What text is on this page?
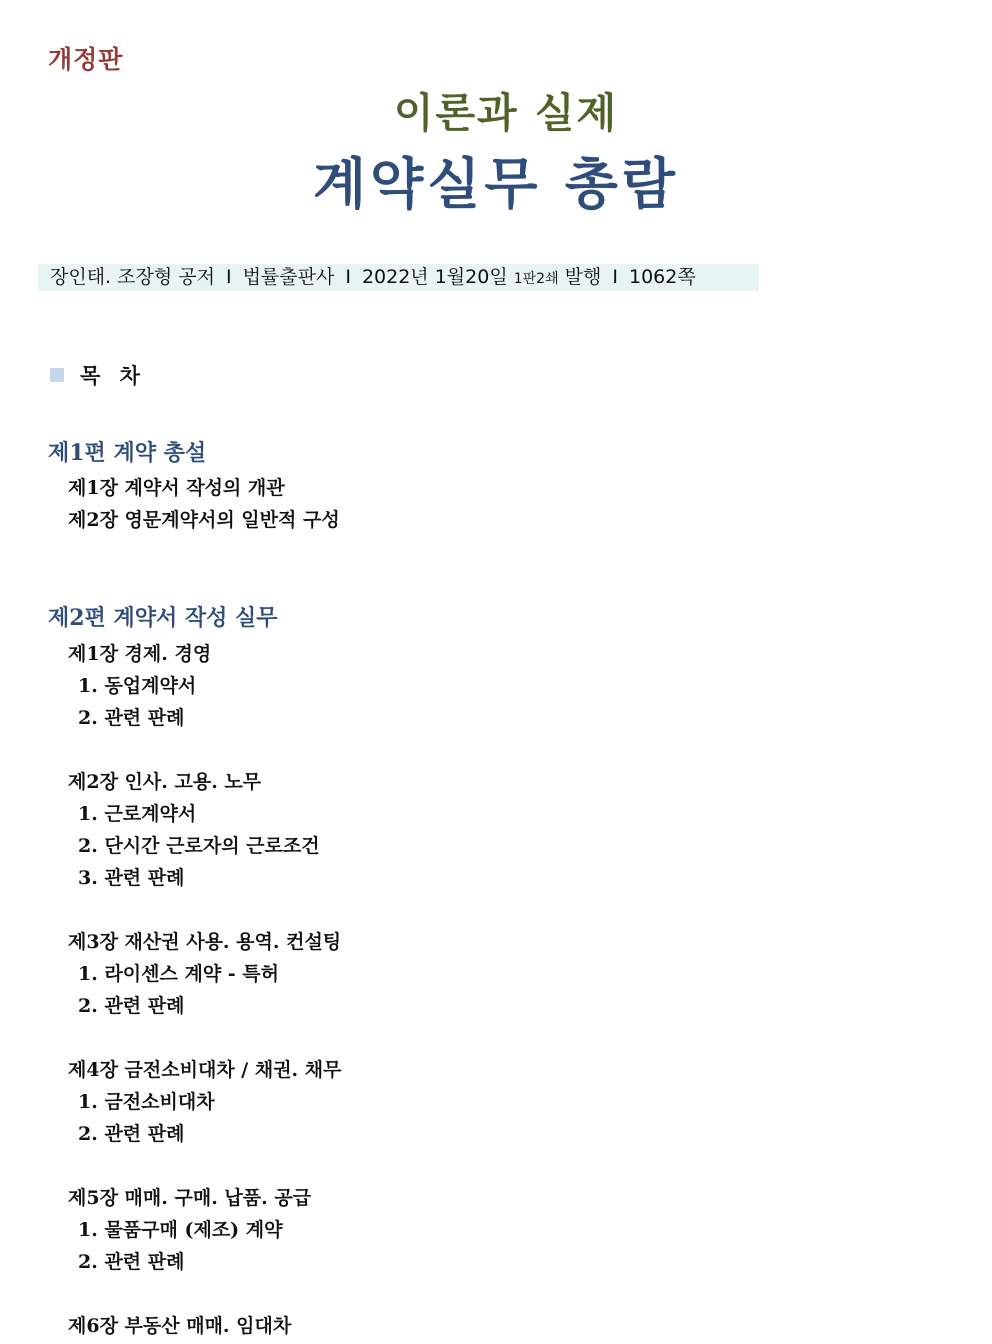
개정판
이론과 실제
계약실무 총람
장인태. 조장형 공저 I 법률출판사 I 2022년 1월20일 1판2쇄 발행 I 1062쪽
목 차
제1편 계약 총설
제1장 계약서 작성의 개관
제2장 영문계약서의 일반적 구성
제2편 계약서 작성 실무
제1장 경제. 경영
1. 동업계약서
2. 관련 판례
제2장 인사. 고용. 노무
1. 근로계약서
2. 단시간 근로자의 근로조건
3. 관련 판례
제3장 재산권 사용. 용역. 컨설팅
1. 라이센스 계약 - 특허
2. 관련 판례
제4장 금전소비대차 / 채권. 채무
1. 금전소비대차
2. 관련 판례
제5장 매매. 구매. 납품. 공급
1. 물품구매 (제조) 계약
2. 관련 판례
제6장 부동산 매매. 임대차
